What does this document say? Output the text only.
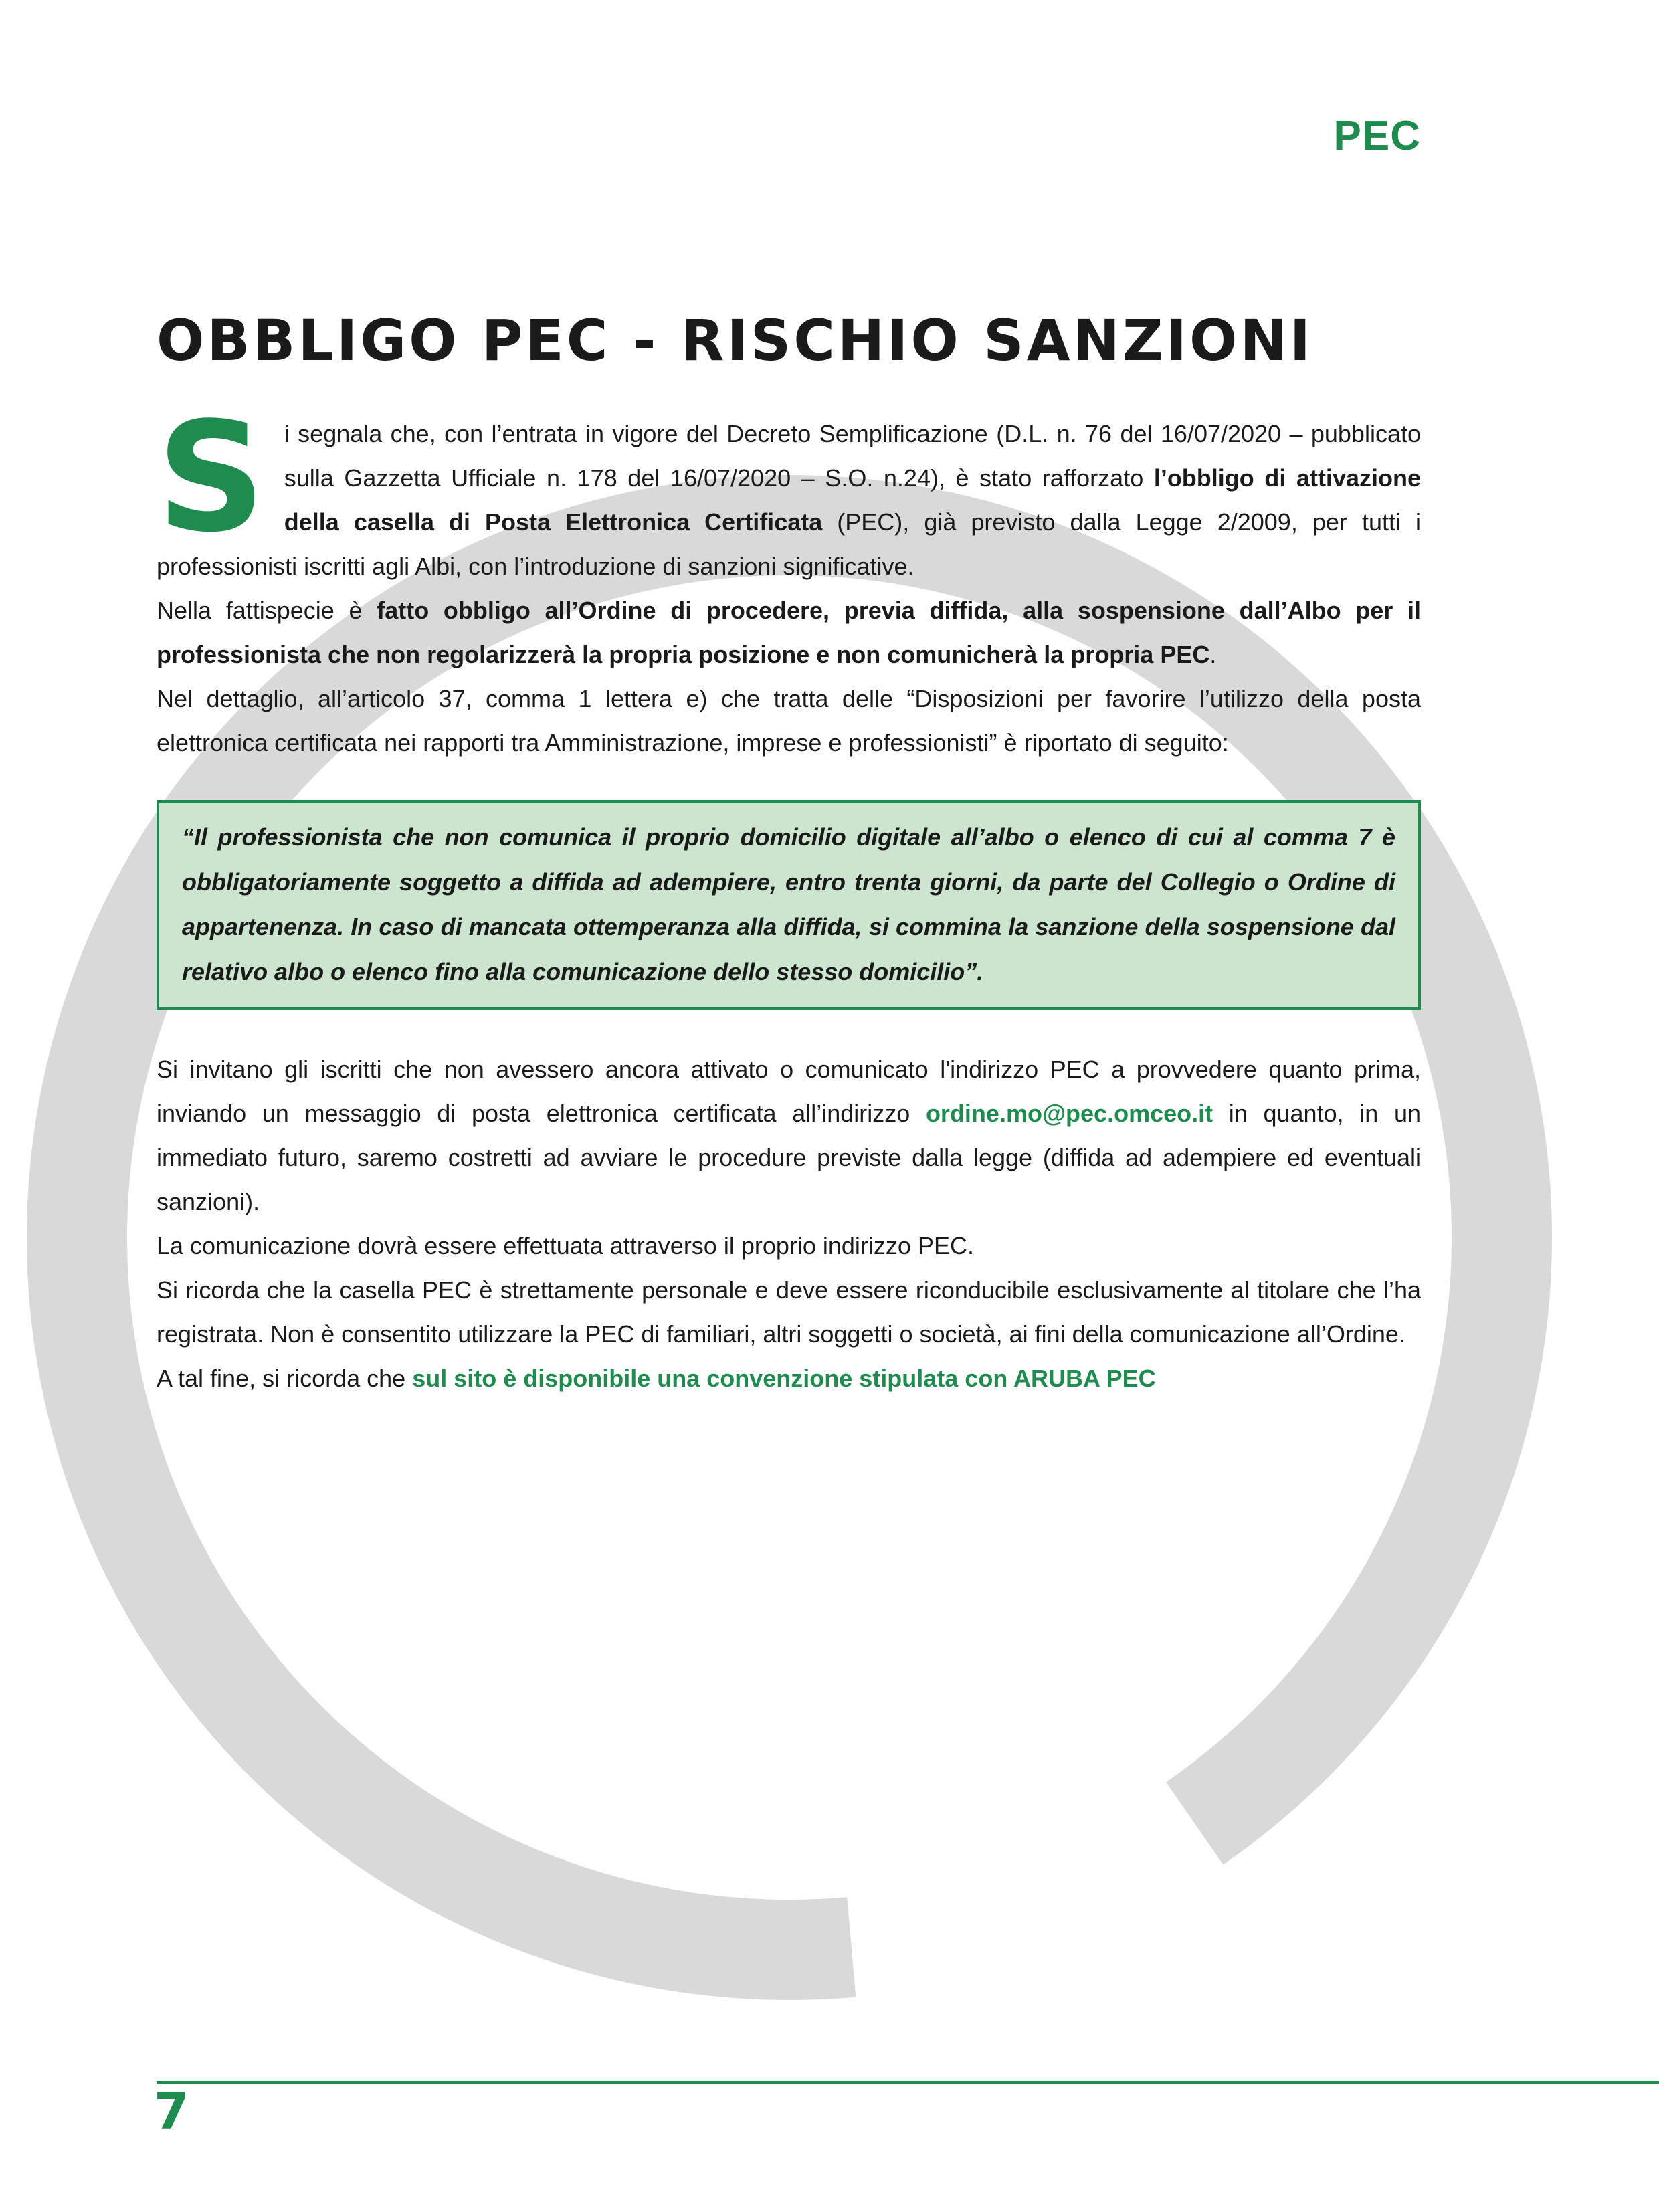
PEC
OBBLIGO PEC - RISCHIO SANZIONI

Si segnala che, con l’entrata in vigore del Decreto Semplificazione (D.L. n. 76 del 16/07/2020 – pubblicato sulla Gazzetta Ufficiale n. 178 del 16/07/2020 – S.O. n.24), è stato rafforzato l’obbligo di attivazione della casella di Posta Elettronica Certificata (PEC), già previsto dalla Legge 2/2009, per tutti i professionisti iscritti agli Albi, con l’introduzione di sanzioni significative.

Nella fattispecie è fatto obbligo all’Ordine di procedere, previa diffida, alla sospensione dall’Albo per il professionista che non regolarizzerà la propria posizione e non comunicherà la propria PEC.

Nel dettaglio, all’articolo 37, comma 1 lettera e) che tratta delle “Disposizioni per favorire l’utilizzo della posta elettronica certificata nei rapporti tra Amministrazione, imprese e professionisti” è riportato di seguito:

“Il professionista che non comunica il proprio domicilio digitale all’albo o elenco di cui al comma 7 è obbligatoriamente soggetto a diffida ad adempiere, entro trenta giorni, da parte del Collegio o Ordine di appartenenza. In caso di mancata ottemperanza alla diffida, si commina la sanzione della sospensione dal relativo albo o elenco fino alla comunicazione dello stesso domicilio”.

Si invitano gli iscritti che non avessero ancora attivato o comunicato l'indirizzo PEC a provvedere quanto prima, inviando un messaggio di posta elettronica certificata all’indirizzo ordine.mo@pec.omceo.it in quanto, in un immediato futuro, saremo costretti ad avviare le procedure previste dalla legge (diffida ad adempiere ed eventuali sanzioni).

La comunicazione dovrà essere effettuata attraverso il proprio indirizzo PEC.

Si ricorda che la casella PEC è strettamente personale e deve essere riconducibile esclusivamente al titolare che l’ha registrata. Non è consentito utilizzare la PEC di familiari, altri soggetti o società, ai fini della comunicazione all’Ordine.

A tal fine, si ricorda che sul sito è disponibile una convenzione stipulata con ARUBA PEC

7
